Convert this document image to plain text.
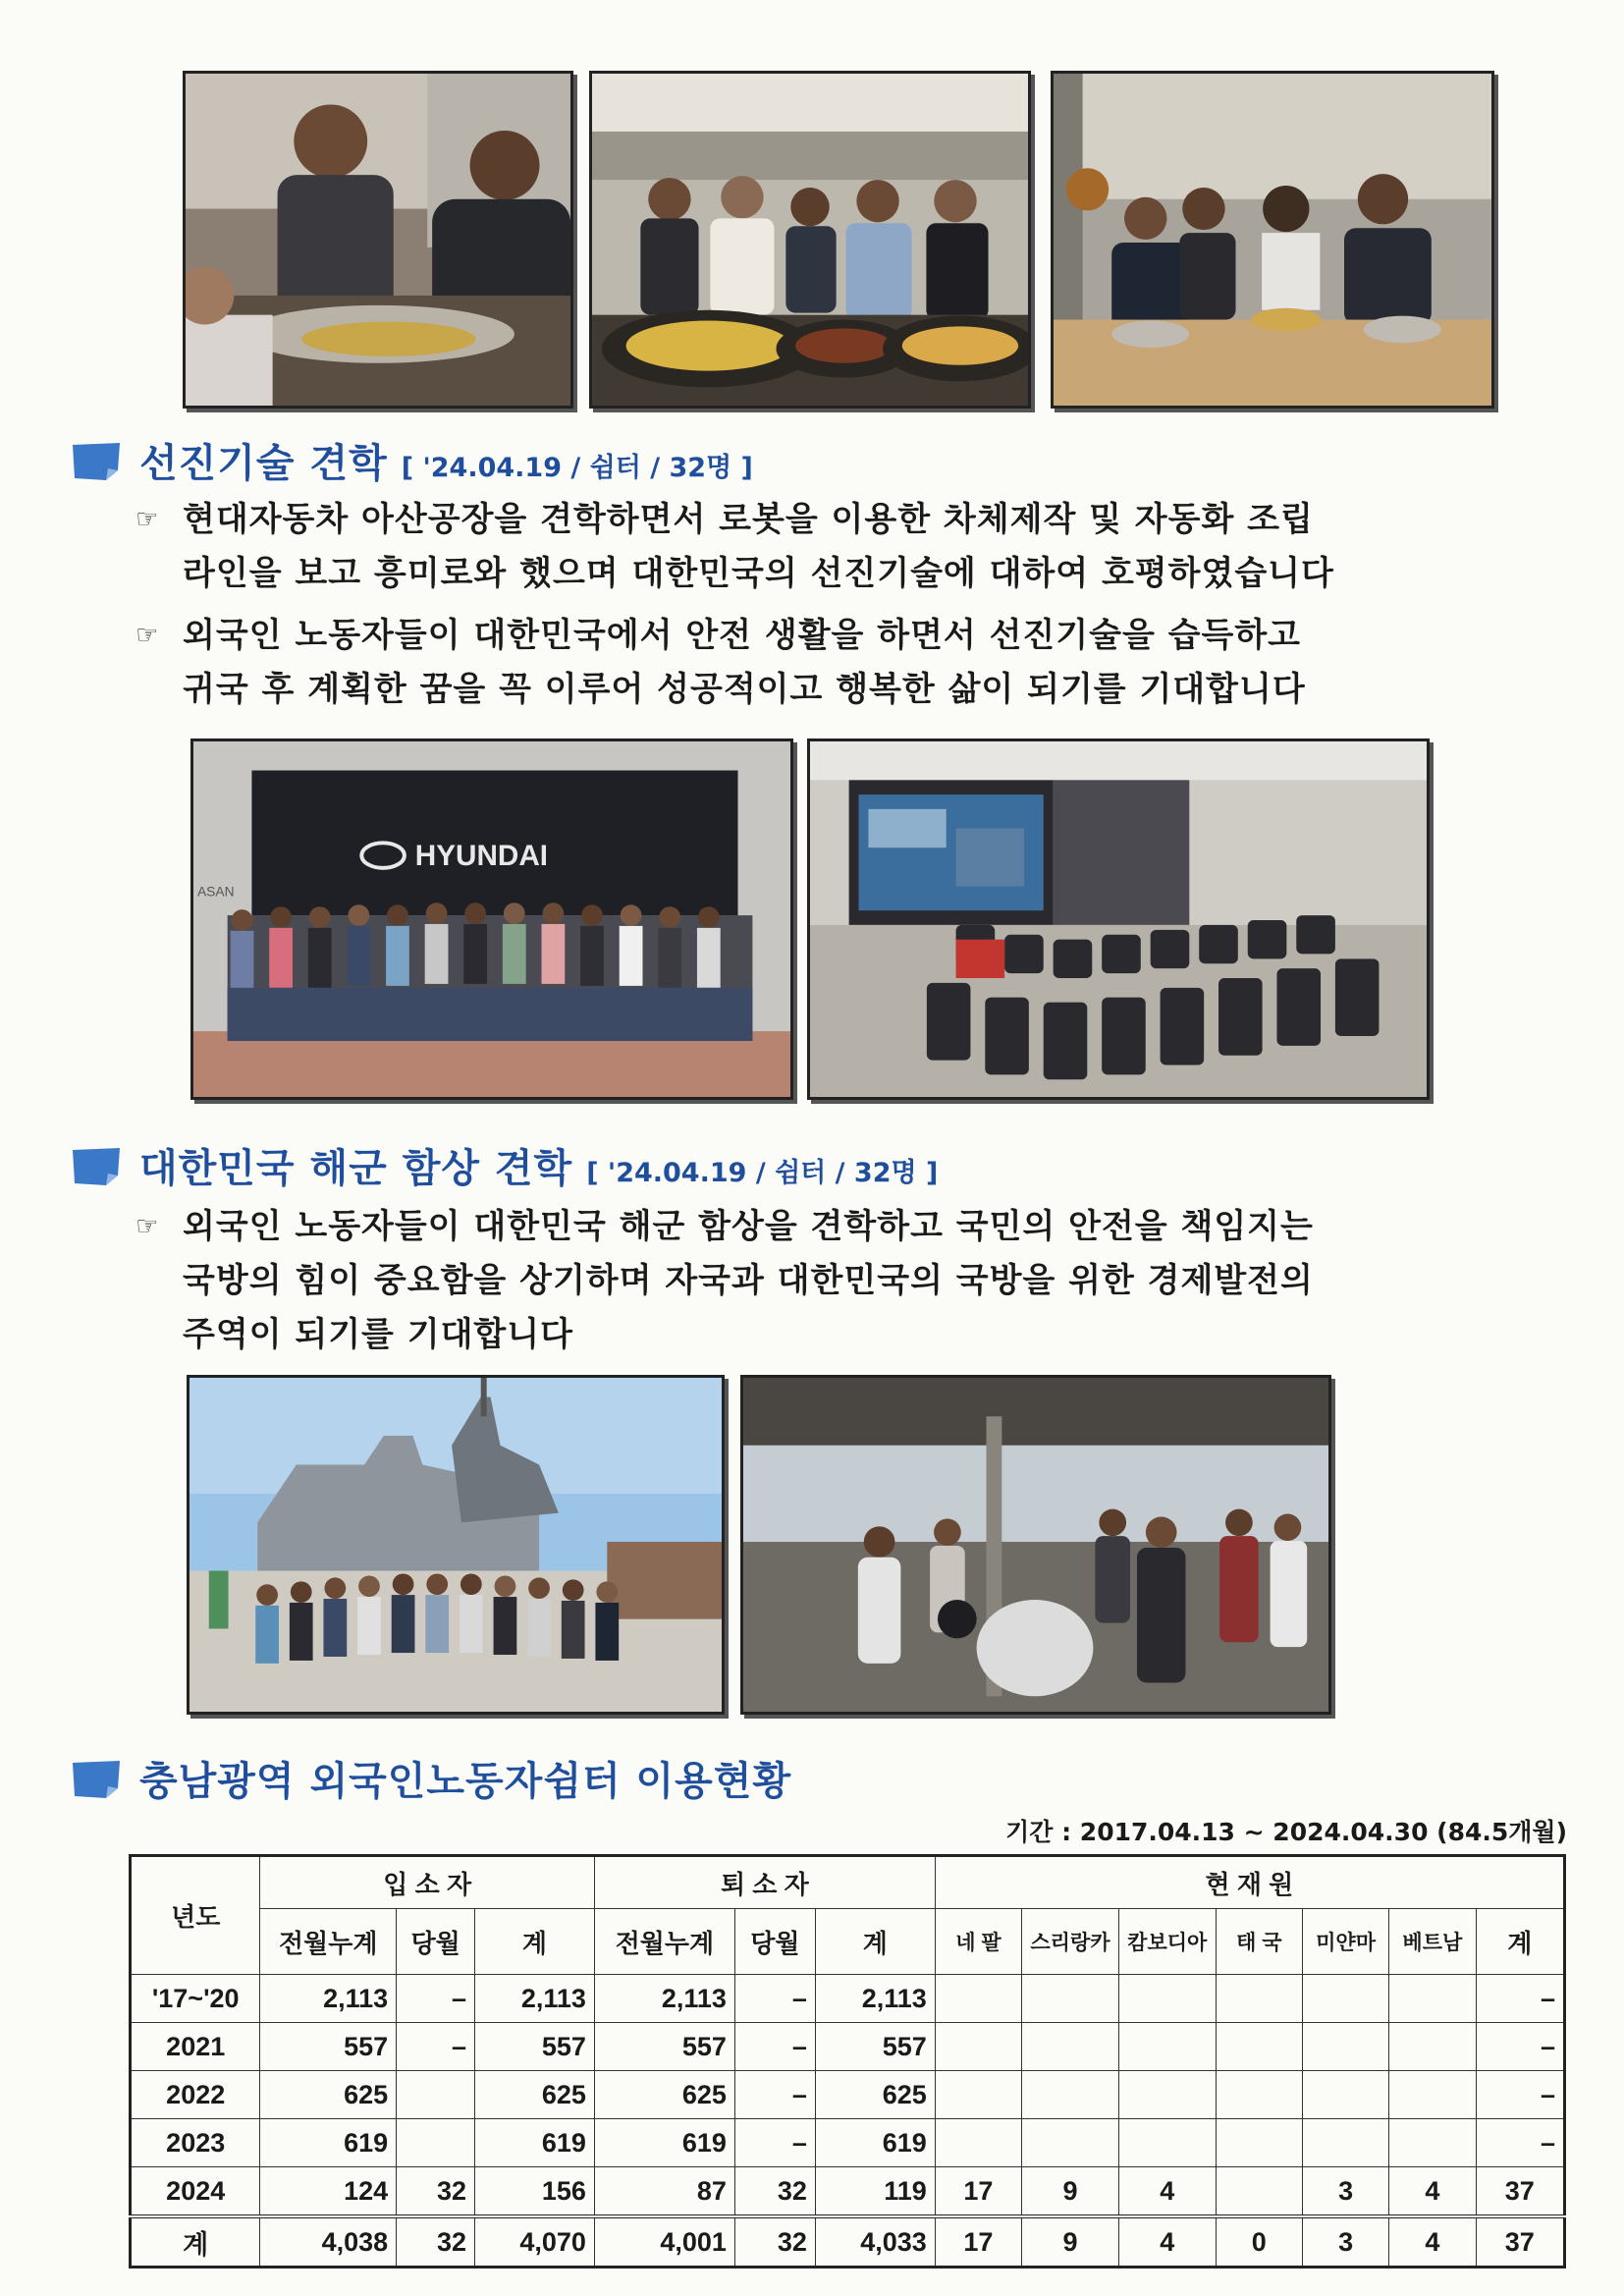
선진기술 견학 [ '24.04.19 / 쉼터 / 32명 ]
☞ 현대자동차 아산공장을 견학하면서 로봇을 이용한 차체제작 및 자동화 조립
라인을 보고 흥미로와 했으며 대한민국의 선진기술에 대하여 호평하였습니다
☞ 외국인 노동자들이 대한민국에서 안전 생활을 하면서 선진기술을 습득하고
귀국 후 계획한 꿈을 꼭 이루어 성공적이고 행복한 삶이 되기를 기대합니다
HYUNDAI
ASAN
대한민국 해군 함상 견학 [ '24.04.19 / 쉼터 / 32명 ]
☞ 외국인 노동자들이 대한민국 해군 함상을 견학하고 국민의 안전을 책임지는
국방의 힘이 중요함을 상기하며 자국과 대한민국의 국방을 위한 경제발전의
주역이 되기를 기대합니다
충남광역 외국인노동자쉼터 이용현황
기간 : 2017.04.13 ~ 2024.04.30 (84.5개월)
년도	입 소 자			퇴 소 자			현 재 원						
	전월누계	당월	계	전월누계	당월	계	네 팔	스리랑카	캄보디아	태 국	미얀마	베트남	계
'17~'20	2,113	–	2,113	2,113	–	2,113							–
2021	557	–	557	557	–	557							–
2022	625		625	625	–	625							–
2023	619		619	619	–	619							–
2024	124	32	156	87	32	119	17	9	4		3	4	37
계	4,038	32	4,070	4,001	32	4,033	17	9	4	0	3	4	37
